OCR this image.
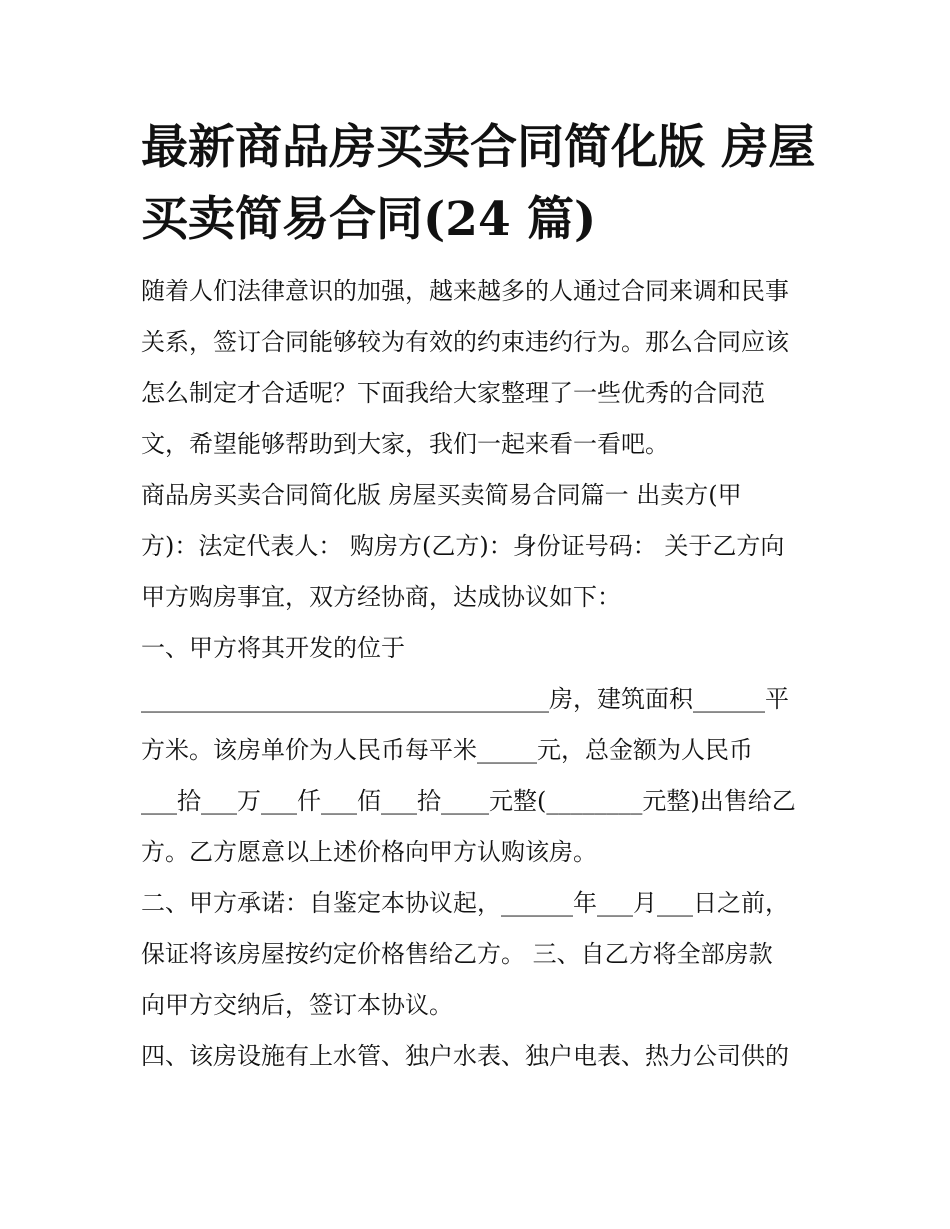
最新商品房买卖合同简化版 房屋买卖简易合同(24 篇)
随着人们法律意识的加强，越来越多的人通过合同来调和民事
关系，签订合同能够较为有效的约束违约行为。那么合同应该
怎么制定才合适呢？下面我给大家整理了一些优秀的合同范
文，希望能够帮助到大家，我们一起来看一看吧。
商品房买卖合同简化版 房屋买卖简易合同篇一 出卖方(甲
方)：法定代表人： 购房方(乙方)：身份证号码： 关于乙方向
甲方购房事宜，双方经协商，达成协议如下：
一、甲方将其开发的位于
__________________________________房，建筑面积______平
方米。该房单价为人民币每平米_____元，总金额为人民币
___拾___万___仟___佰___拾____元整(________元整)出售给乙
方。乙方愿意以上述价格向甲方认购该房。
二、甲方承诺：自鉴定本协议起，______年___月___日之前，
保证将该房屋按约定价格售给乙方。 三、自乙方将全部房款
向甲方交纳后，签订本协议。
四、该房设施有上水管、独户水表、独户电表、热力公司供的
